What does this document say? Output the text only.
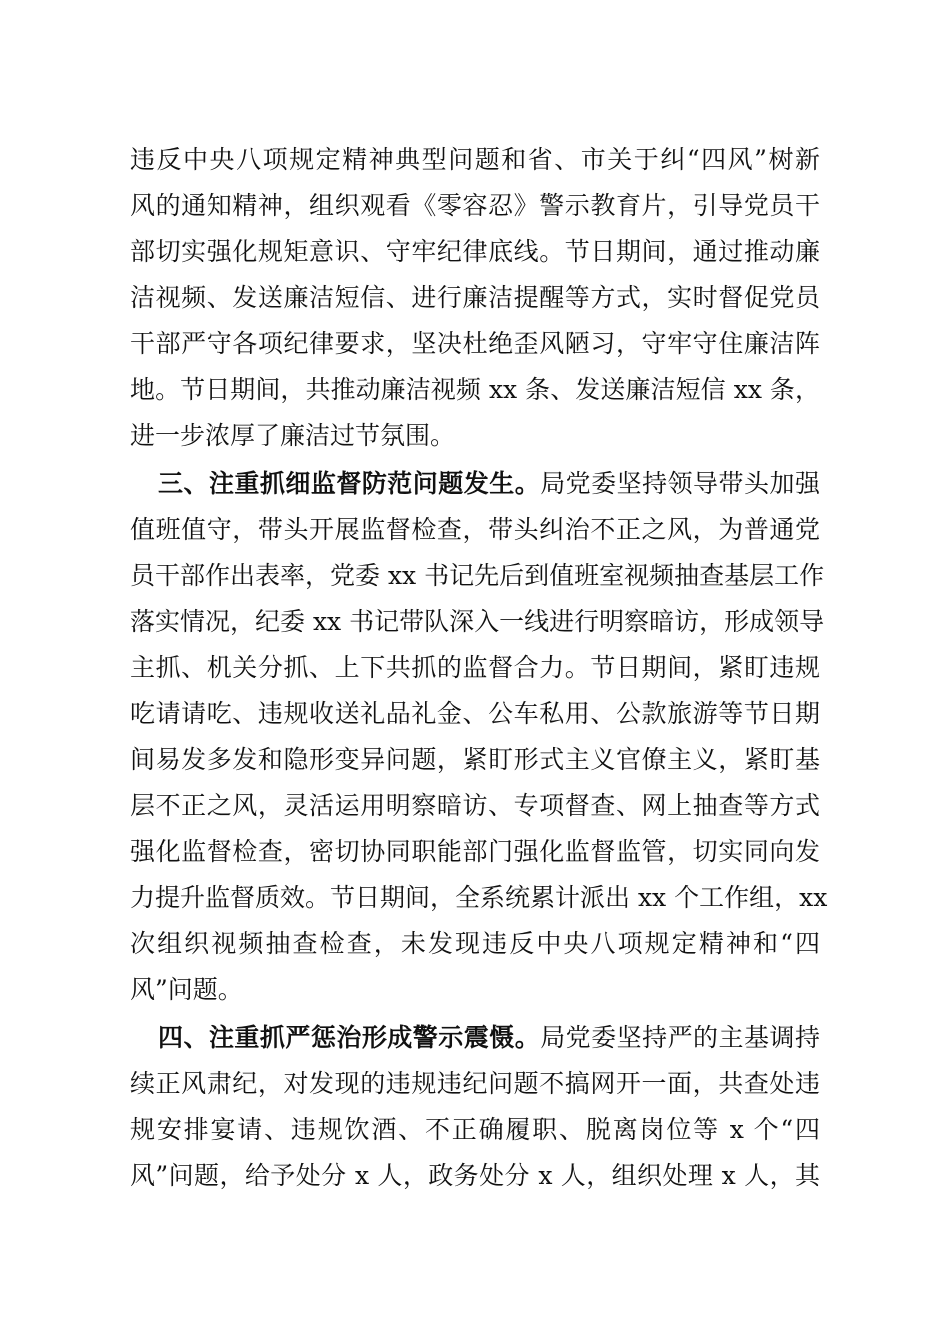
违反中央八项规定精神典型问题和省、市关于纠“四风”树新
风的通知精神，组织观看《零容忍》警示教育片，引导党员干
部切实强化规矩意识、守牢纪律底线。节日期间，通过推动廉
洁视频、发送廉洁短信、进行廉洁提醒等方式，实时督促党员
干部严守各项纪律要求，坚决杜绝歪风陋习，守牢守住廉洁阵
地。节日期间，共推动廉洁视频 xx 条、发送廉洁短信 xx 条，
进一步浓厚了廉洁过节氛围。
三、注重抓细监督防范问题发生。局党委坚持领导带头加强
值班值守，带头开展监督检查，带头纠治不正之风，为普通党
员干部作出表率，党委 xx 书记先后到值班室视频抽查基层工作
落实情况，纪委 xx 书记带队深入一线进行明察暗访，形成领导
主抓、机关分抓、上下共抓的监督合力。节日期间，紧盯违规
吃请请吃、违规收送礼品礼金、公车私用、公款旅游等节日期
间易发多发和隐形变异问题，紧盯形式主义官僚主义，紧盯基
层不正之风，灵活运用明察暗访、专项督查、网上抽查等方式
强化监督检查，密切协同职能部门强化监督监管，切实同向发
力提升监督质效。节日期间，全系统累计派出 xx 个工作组，xx
次组织视频抽查检查，未发现违反中央八项规定精神和“四
风”问题。
四、注重抓严惩治形成警示震慑。局党委坚持严的主基调持
续正风肃纪，对发现的违规违纪问题不搞网开一面，共查处违
规安排宴请、违规饮酒、不正确履职、脱离岗位等 x 个“四
风”问题，给予处分 x 人，政务处分 x 人，组织处理 x 人，其
